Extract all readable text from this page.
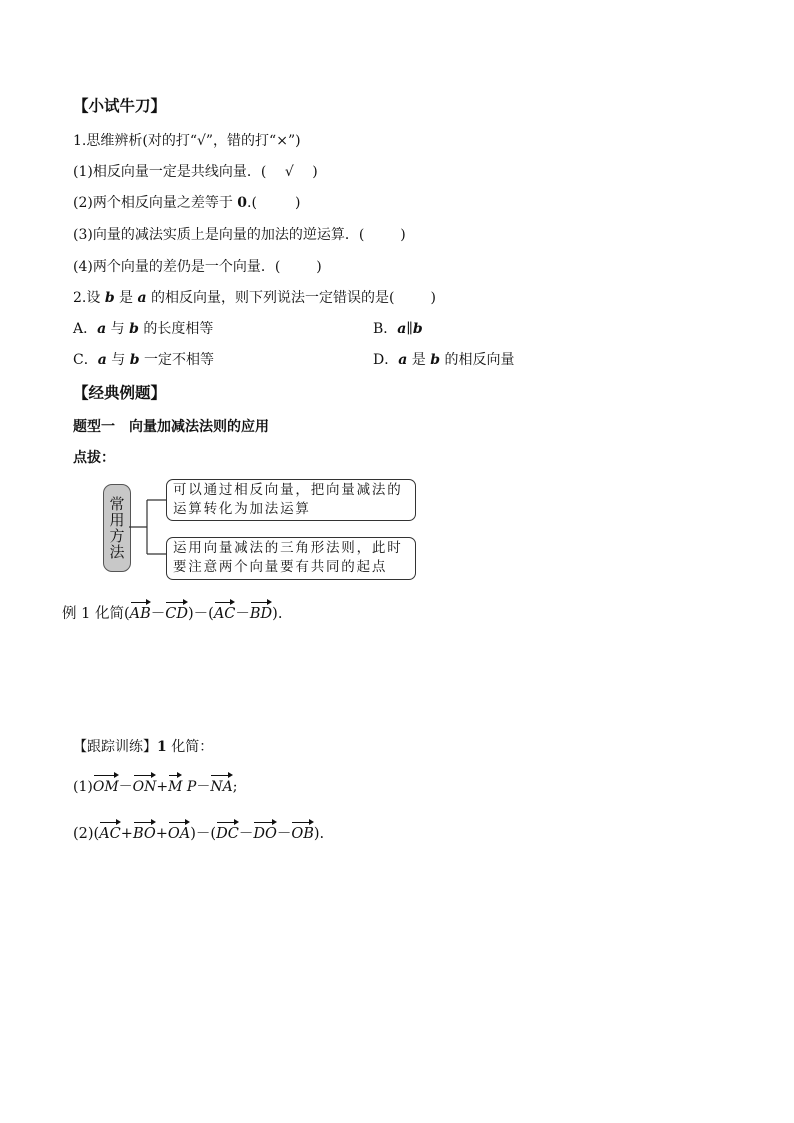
【小试牛刀】
1.思维辨析(对的打“√”，错的打“×”)
(1)相反向量一定是共线向量．( √ )
(2)两个相反向量之差等于 0.(	)
(3)向量的减法实质上是向量的加法的逆运算．(	)
(4)两个向量的差仍是一个向量．(	)
2.设 b 是 a 的相反向量，则下列说法一定错误的是(	)
A．a 与 b 的长度相等	B．a∥b
C．a 与 b 一定不相等	D．a 是 b 的相反向量
【经典例题】
题型一　向量加减法法则的应用
点拔：
常用方法
可以通过相反向量，把向量减法的运算转化为加法运算
运用向量减法的三角形法则，此时要注意两个向量要有共同的起点
例 1 化简(AB－CD)－(AC－BD).
【跟踪训练】1 化简：
(1)OM－ON+M P－NA;
(2)(AC+BO+OA)－(DC－DO－OB).
